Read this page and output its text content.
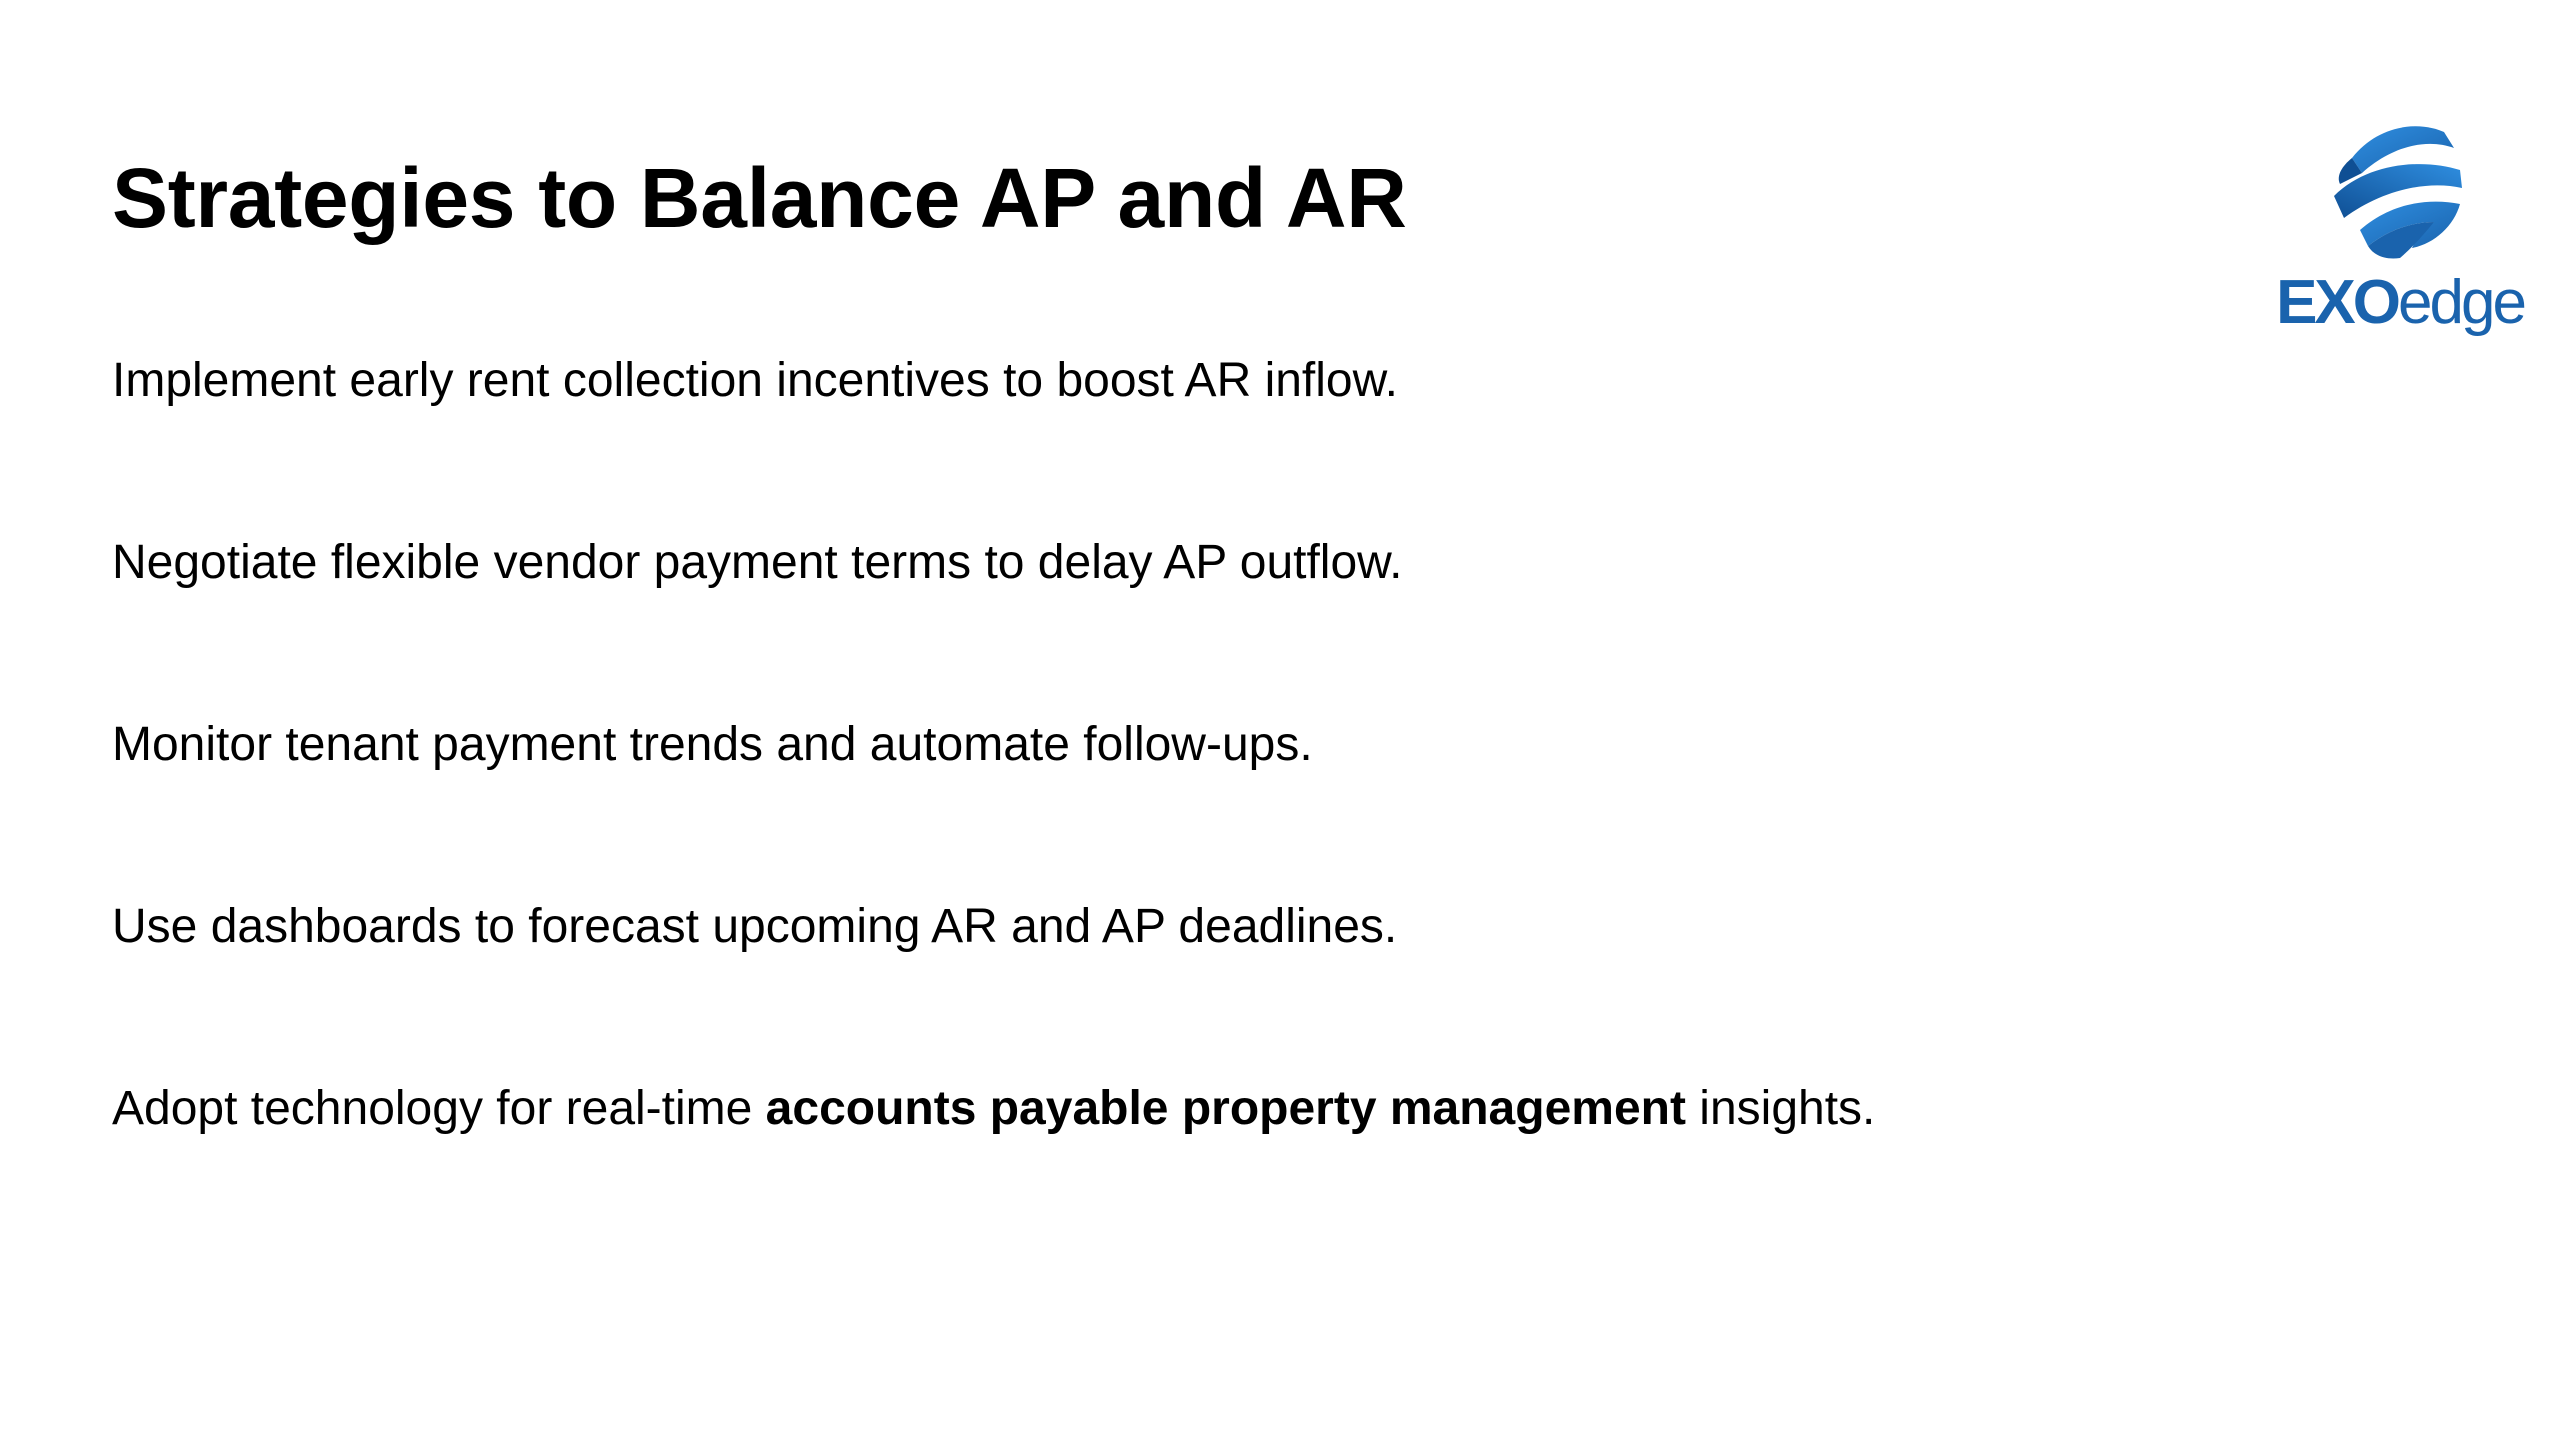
Strategies to Balance AP and AR
Implement early rent collection incentives to boost AR inflow.
Negotiate flexible vendor payment terms to delay AP outflow.
Monitor tenant payment trends and automate follow-ups.
Use dashboards to forecast upcoming AR and AP deadlines.
Adopt technology for real-time accounts payable property management insights.
EXOedge
